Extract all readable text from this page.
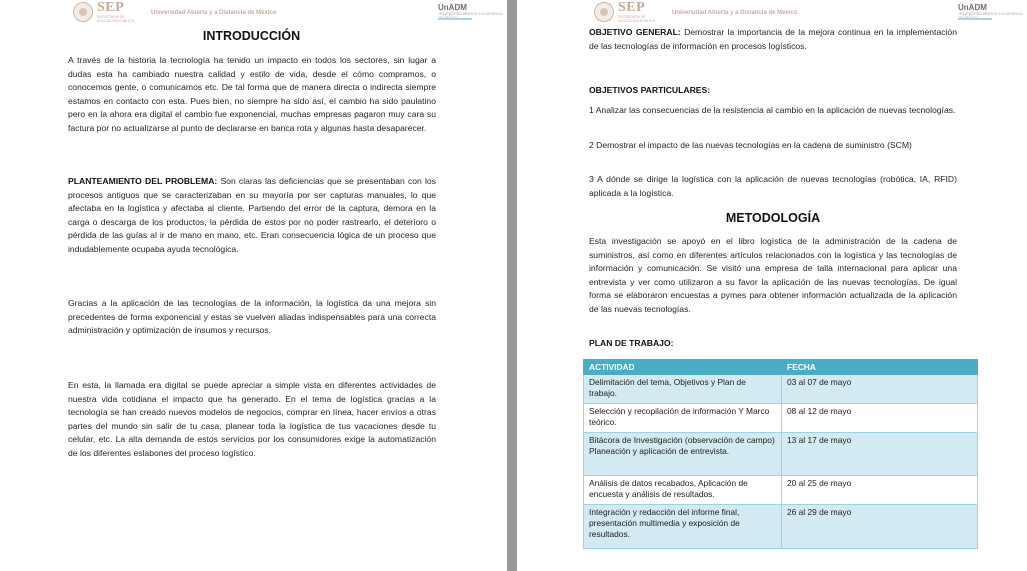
SEP
SECRETARÍA DE EDUCACIÓN PÚBLICA
Universidad Abierta y a Distancia de México
UnADM
UNIVERSIDAD ABIERTA Y A DISTANCIA
INTRODUCCIÓN

A través de la historia la tecnología ha tenido un impacto en todos los sectores, sin lugar a dudas esta ha cambiado nuestra calidad y estilo de vida, desde el cómo compramos, o conocemos gente, o comunicamos etc. De tal forma que de manera directa o indirecta siempre estamos en contacto con esta. Pues bien, no siempre ha sido así, el cambio ha sido paulatino pero en la ahora era digital el cambio fue exponencial, muchas empresas pagaron muy cara su factura por no actualizarse al punto de declararse en banca rota y algunas hasta desaparecer.

PLANTEAMIENTO DEL PROBLEMA: Son claras las deficiencias que se presentaban con los procesos antiguos que se caracterizaban en su mayoría por ser capturas manuales, lo que afectaba en la logística y afectaba al cliente. Partiendo del error de la captura, demora en la carga o descarga de los productos, la pérdida de estos por no poder rastrearlo, el deterioro o pérdida de las guías al ir de mano en mano, etc. Eran consecuencia lógica de un proceso que indudablemente ocupaba ayuda tecnológica.

Gracias a la aplicación de las tecnologías de la información, la logística da una mejora sin precedentes de forma exponencial y estas se vuelven aliadas indispensables para una correcta administración y optimización de insumos y recursos.

En esta, la llamada era digital se puede apreciar a simple vista en diferentes actividades de nuestra vida cotidiana el impacto que ha generado. En el tema de logística gracias a la tecnología se han creado nuevos modelos de negocios, comprar en línea, hacer envíos a otras partes del mundo sin salir de tu casa, planear toda la logística de tus vacaciones desde tu celular, etc. La alta demanda de estos servicios por los consumidores exige la automatización de los diferentes eslabones del proceso logístico.

SEP
SECRETARÍA DE EDUCACIÓN PÚBLICA
Universidad Abierta y a Distancia de México
UnADM
UNIVERSIDAD ABIERTA Y A DISTANCIA

OBJETIVO GENERAL: Demostrar la importancia de la mejora continua en la implementación de las tecnologías de información en procesos logísticos.

OBJETIVOS PARTICULARES:

1 Analizar las consecuencias de la resistencia al cambio en la aplicación de nuevas tecnologías.

2 Demostrar el impacto de las nuevas tecnologías en la cadena de suministro (SCM)

3 A dónde se dirige la logística con la aplicación de nuevas tecnologías (robótica, IA, RFID) aplicada a la logística.

METODOLOGÍA

Esta investigación se apoyó en el libro logística de la administración de la cadena de suministros, así como en diferentes artículos relacionados con la logística y las tecnologías de información y comunicación. Se visitó una empresa de talla internacional para aplicar una entrevista y ver como utilizaron a su favor la aplicación de las nuevas tecnologías. De igual forma se elaboraron encuestas a pymes para obtener información actualizada de la aplicación de las nuevas tecnologías.

PLAN DE TRABAJO:

ACTIVIDAD	FECHA
Delimitación del tema, Objetivos y Plan de trabajo.	03 al 07 de mayo
Selección y recopilación de información Y Marco teórico.	08 al 12 de mayo
Bitácora de Investigación (observación de campo) Planeación y aplicación de entrevista.	13 al 17 de mayo
Análisis de datos recabados, Aplicación de encuesta y análisis de resultados.	20 al 25 de mayo
Integración y redacción del informe final, presentación multimedia y exposición de resultados.	26 al 29 de mayo
